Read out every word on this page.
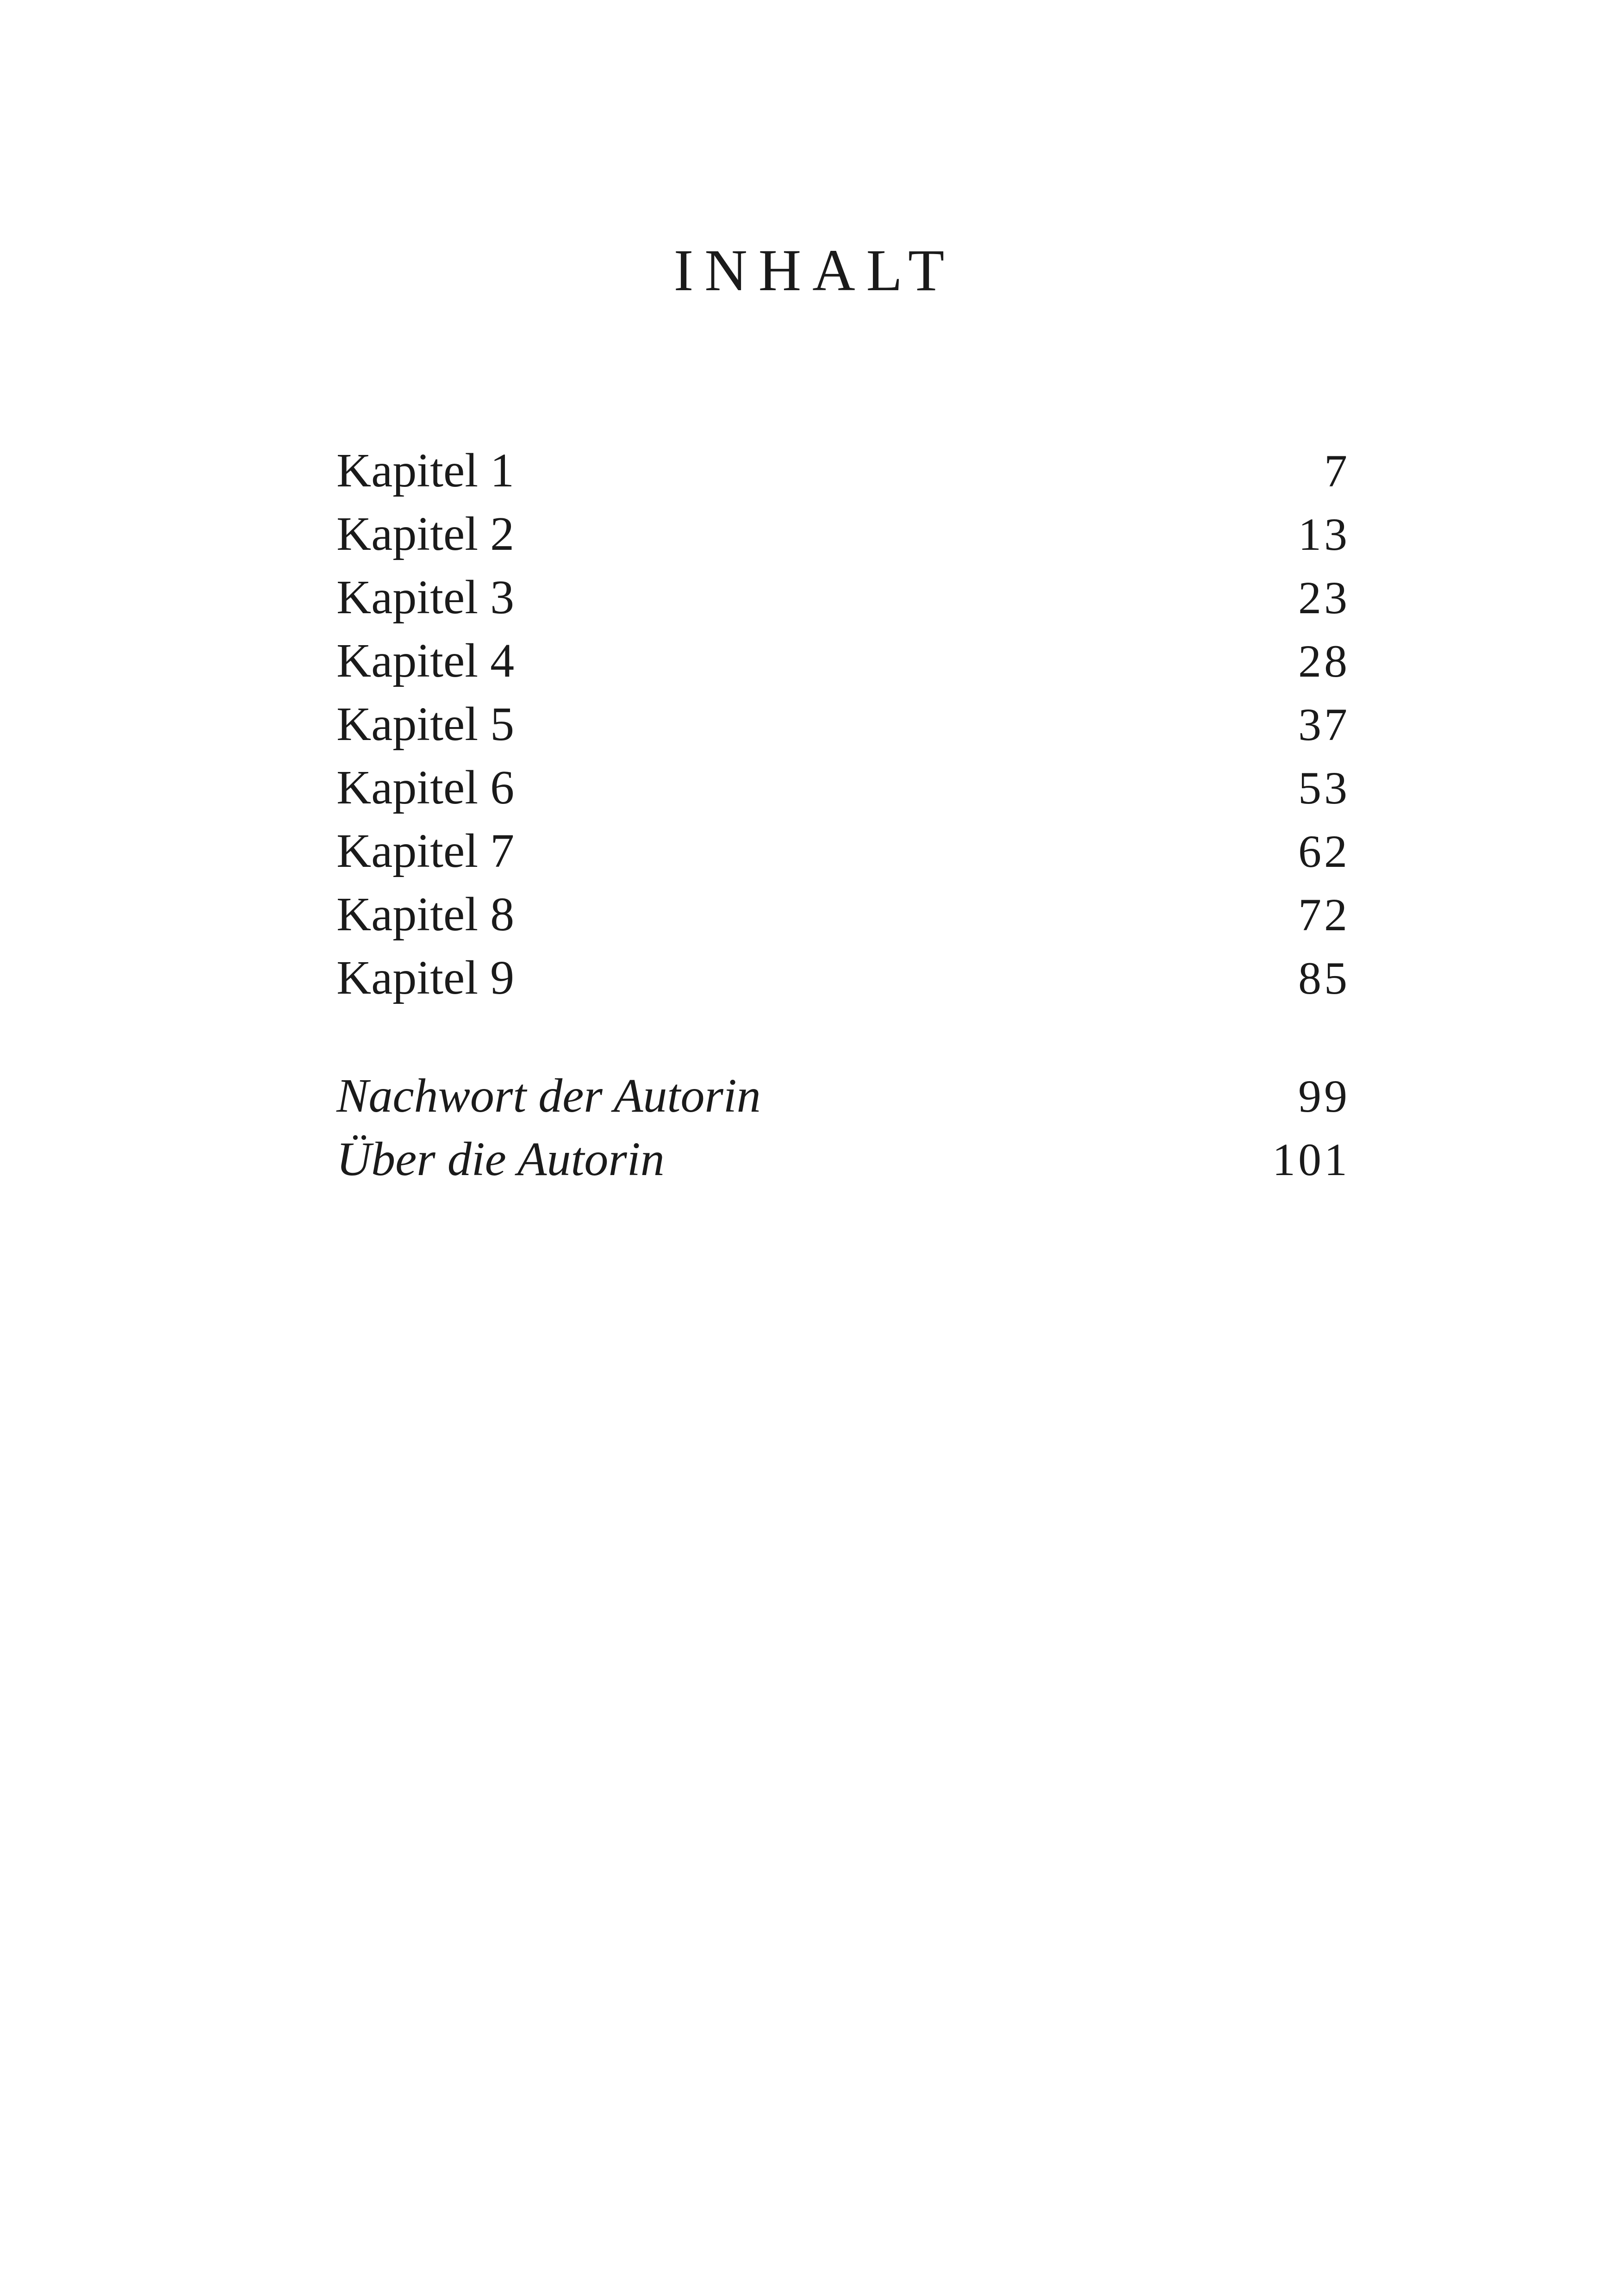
INHALT
Kapitel 1	7
Kapitel 2	13
Kapitel 3	23
Kapitel 4	28
Kapitel 5	37
Kapitel 6	53
Kapitel 7	62
Kapitel 8	72
Kapitel 9	85
Nachwort der Autorin	99
Über die Autorin	101
